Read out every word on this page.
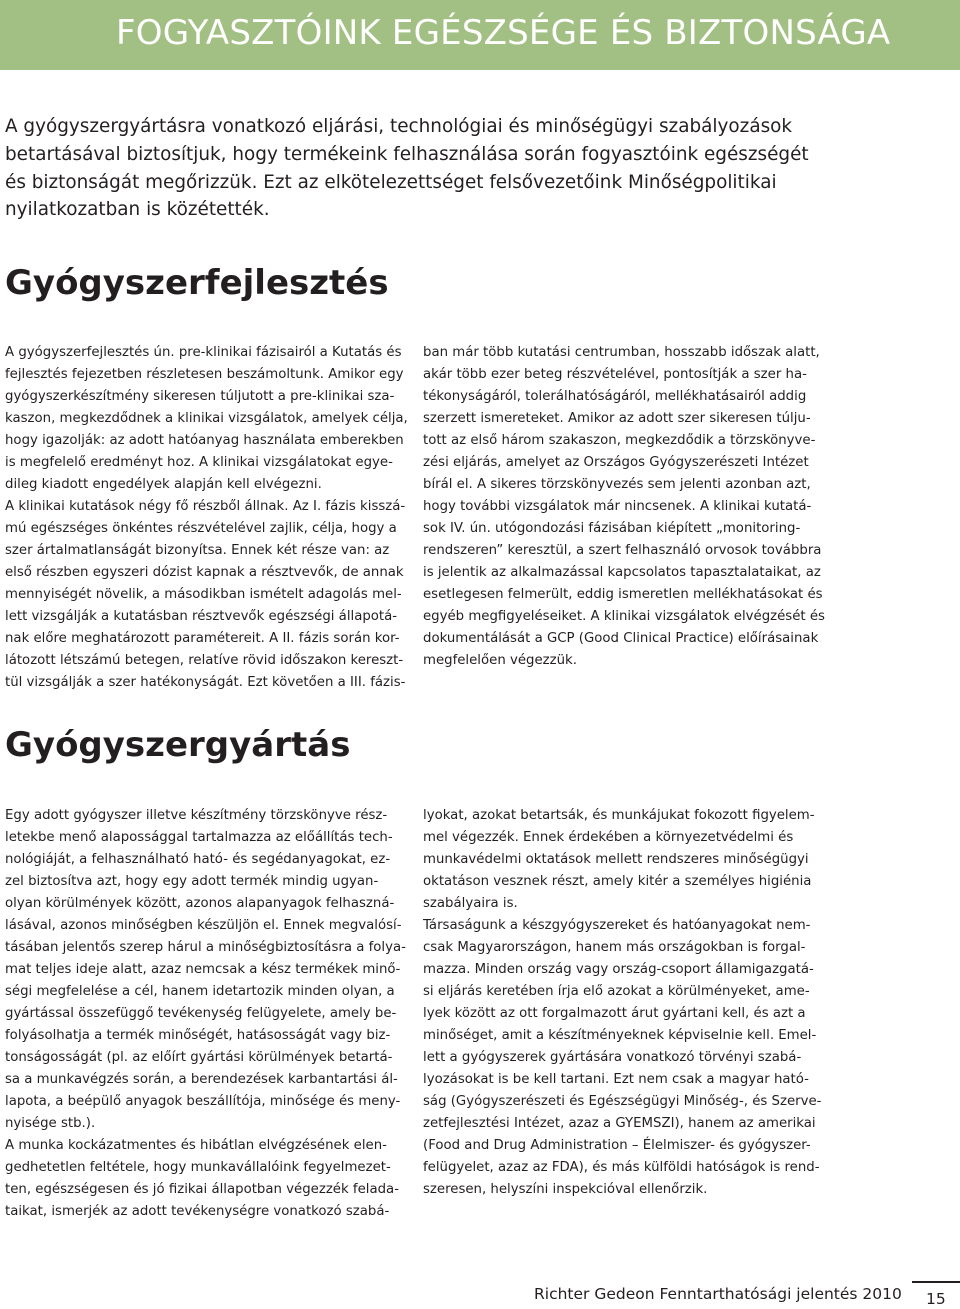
FOGYASZTÓINK EGÉSZSÉGE ÉS BIZTONSÁGA

A gyógyszergyártásra vonatkozó eljárási, technológiai és minőségügyi szabályozások

betartásával biztosítjuk, hogy termékeink felhasználása során fogyasztóink egészségét

és biztonságát megőrizzük. Ezt az elkötelezettséget felsővezetőink Minőségpolitikai

nyilatkozatban is közétették.

Gyógyszerfejlesztés

A gyógyszerfejlesztés ún. pre-klinikai fázisairól a Kutatás és

fejlesztés fejezetben részletesen beszámoltunk. Amikor egy

gyógyszerkészítmény sikeresen túljutott a pre-klinikai sza-

kaszon, megkezdődnek a klinikai vizsgálatok, amelyek célja,

hogy igazolják: az adott hatóanyag használata emberekben

is megfelelő eredményt hoz. A klinikai vizsgálatokat egye-

dileg kiadott engedélyek alapján kell elvégezni.

A klinikai kutatások négy fő részből állnak. Az I. fázis kisszá-

mú egészséges önkéntes részvételével zajlik, célja, hogy a

szer ártalmatlanságát bizonyítsa. Ennek két része van: az

első részben egyszeri dózist kapnak a résztvevők, de annak

mennyiségét növelik, a másodikban ismételt adagolás mel-

lett vizsgálják a kutatásban résztvevők egészségi állapotá-

nak előre meghatározott paramétereit. A II. fázis során kor-

látozott létszámú betegen, relatíve rövid időszakon kereszt-

tül vizsgálják a szer hatékonyságát. Ezt követően a III. fázis-

ban már több kutatási centrumban, hosszabb időszak alatt,

akár több ezer beteg részvételével, pontosítják a szer ha-

tékonyságáról, tolerálhatóságáról, mellékhatásairól addig

szerzett ismereteket. Amikor az adott szer sikeresen túlju-

tott az első három szakaszon, megkezdődik a törzskönyve-

zési eljárás, amelyet az Országos Gyógyszerészeti Intézet

bírál el. A sikeres törzskönyvezés sem jelenti azonban azt,

hogy további vizsgálatok már nincsenek. A klinikai kutatá-

sok IV. ún. utógondozási fázisában kiépített „monitoring-

rendszeren” keresztül, a szert felhasználó orvosok továbbra

is jelentik az alkalmazással kapcsolatos tapasztalataikat, az

esetlegesen felmerült, eddig ismeretlen mellékhatásokat és

egyéb megfigyeléseiket. A klinikai vizsgálatok elvégzését és

dokumentálását a GCP (Good Clinical Practice) előírásainak

megfelelően végezzük.

Gyógyszergyártás

Egy adott gyógyszer illetve készítmény törzskönyve rész-

letekbe menő alapossággal tartalmazza az előállítás tech-

nológiáját, a felhasználható ható- és segédanyagokat, ez-

zel biztosítva azt, hogy egy adott termék mindig ugyan-

olyan körülmények között, azonos alapanyagok felhaszná-

lásával, azonos minőségben készüljön el. Ennek megvalósí-

tásában jelentős szerep hárul a minőségbiztosításra a folya-

mat teljes ideje alatt, azaz nemcsak a kész termékek minő-

ségi megfelelése a cél, hanem idetartozik minden olyan, a

gyártással összefüggő tevékenység felügyelete, amely be-

folyásolhatja a termék minőségét, hatásosságát vagy biz-

tonságosságát (pl. az előírt gyártási körülmények betartá-

sa a munkavégzés során, a berendezések karbantartási ál-

lapota, a beépülő anyagok beszállítója, minősége és meny-

nyisége stb.).

A munka kockázatmentes és hibátlan elvégzésének elen-

gedhetetlen feltétele, hogy munkavállalóink fegyelmezet-

ten, egészségesen és jó fizikai állapotban végezzék felada-

taikat, ismerjék az adott tevékenységre vonatkozó szabá-

lyokat, azokat betartsák, és munkájukat fokozott figyelem-

mel végezzék. Ennek érdekében a környezetvédelmi és

munkavédelmi oktatások mellett rendszeres minőségügyi

oktatáson vesznek részt, amely kitér a személyes higiénia

szabályaira is.

Társaságunk a készgyógyszereket és hatóanyagokat nem-

csak Magyarországon, hanem más országokban is forgal-

mazza. Minden ország vagy ország-csoport államigazgatá-

si eljárás keretében írja elő azokat a körülményeket, ame-

lyek között az ott forgalmazott árut gyártani kell, és azt a

minőséget, amit a készítményeknek képviselnie kell. Emel-

lett a gyógyszerek gyártására vonatkozó törvényi szabá-

lyozásokat is be kell tartani. Ezt nem csak a magyar ható-

ság (Gyógyszerészeti és Egészségügyi Minőség-, és Szerve-

zetfejlesztési Intézet, azaz a GYEMSZI), hanem az amerikai

(Food and Drug Administration – Élelmiszer- és gyógyszer-

felügyelet, azaz az FDA), és más külföldi hatóságok is rend-

szeresen, helyszíni inspekcióval ellenőrzik.

Richter Gedeon Fenntarthatósági jelentés 2010 15
